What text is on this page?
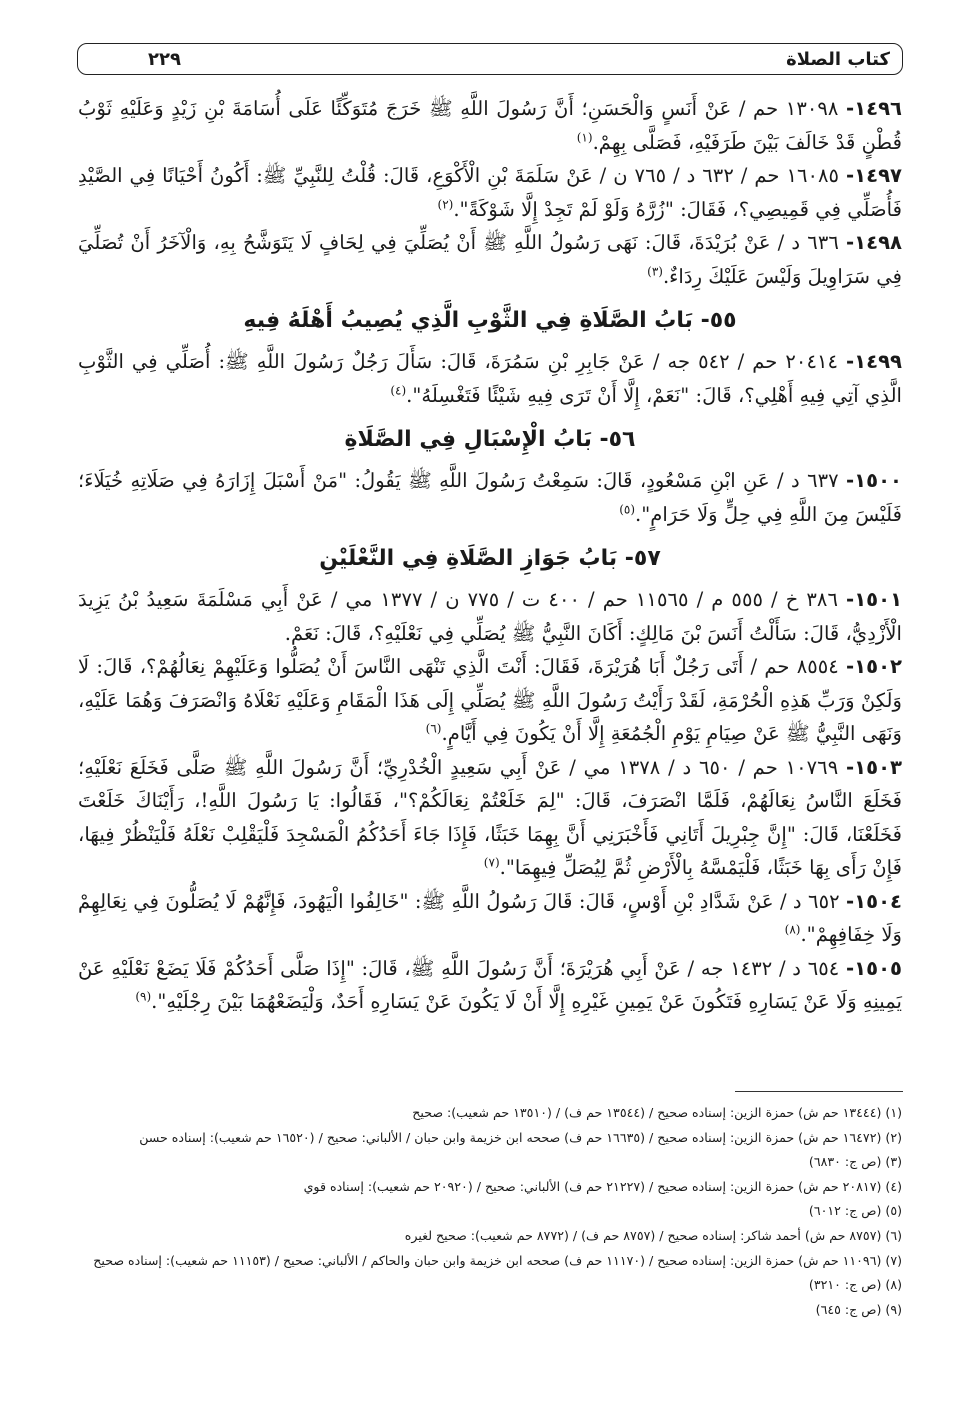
كتاب الصلاة
٢٢٩

١٤٩٦- ١٣٠٩٨ حم / عَنْ أَنَسٍ وَالْحَسَنِ؛ أَنَّ رَسُولَ اللَّهِ ﷺ خَرَجَ مُتَوَكِّئًا عَلَى أُسَامَةَ بْنِ زَيْدٍ وَعَلَيْهِ ثَوْبُ قُطْنٍ قَدْ خَالَفَ بَيْنَ طَرَفَيْهِ، فَصَلَّى بِهِمْ.$^{(١)}$

١٤٩٧- ١٦٠٨٥ حم / ٦٣٢ د / ٧٦٥ ن / عَنْ سَلَمَةَ بْنِ الْأَكْوَعِ، قَالَ: قُلْتُ لِلنَّبِيِّ ﷺ: أَكُونُ أَحْيَانًا فِي الصَّيْدِ فَأُصَلِّي فِي قَمِيصِي؟، فَقَالَ: "زُرَّهُ وَلَوْ لَمْ تَجِدْ إِلَّا شَوْكَةً".$^{(٢)}$

١٤٩٨- ٦٣٦ د / عَنْ بُرَيْدَةَ، قَالَ: نَهَى رَسُولُ اللَّهِ ﷺ أَنْ يُصَلِّيَ فِي لِحَافٍ لَا يَتَوَشَّحُ بِهِ، وَالْآخَرُ أَنْ تُصَلِّيَ فِي سَرَاوِيلَ وَلَيْسَ عَلَيْكَ رِدَاءٌ.$^{(٣)}$

٥٥- بَابُ الصَّلَاةِ فِي الثَّوْبِ الَّذِي يُصِيبُ أَهْلَهُ فِيهِ

١٤٩٩- ٢٠٤١٤ حم / ٥٤٢ جه / عَنْ جَابِرِ بْنِ سَمُرَةَ، قَالَ: سَأَلَ رَجُلٌ رَسُولَ اللَّهِ ﷺ: أُصَلِّي فِي الثَّوْبِ الَّذِي آتِي فِيهِ أَهْلِي؟، قَالَ: "نَعَمْ، إِلَّا أَنْ تَرَى فِيهِ شَيْئًا فَتَغْسِلَهُ".$^{(٤)}$

٥٦- بَابُ الْإِسْبَالِ فِي الصَّلَاةِ

١٥٠٠- ٦٣٧ د / عَنِ ابْنِ مَسْعُودٍ، قَالَ: سَمِعْتُ رَسُولَ اللَّهِ ﷺ يَقُولُ: "مَنْ أَسْبَلَ إِزَارَهُ فِي صَلَاتِهِ خُيَلَاءَ؛ فَلَيْسَ مِنَ اللَّهِ فِي حِلٍّ وَلَا حَرَامٍ".$^{(٥)}$

٥٧- بَابُ جَوَازِ الصَّلَاةِ فِي النَّعْلَيْنِ

١٥٠١- ٣٨٦ خ / ٥٥٥ م / ١١٥٦٥ حم / ٤٠٠ ت / ٧٧٥ ن / ١٣٧٧ مي / عَنْ أَبِي مَسْلَمَةَ سَعِيدُ بْنُ يَزِيدَ الْأَزْدِيُّ، قَالَ: سَأَلْتُ أَنَسَ بْنَ مَالِكٍ: أَكَانَ النَّبِيُّ ﷺ يُصَلِّي فِي نَعْلَيْهِ؟، قَالَ: نَعَمْ.

١٥٠٢- ٨٥٥٤ حم / أَتَى رَجُلٌ أَبَا هُرَيْرَةَ، فَقَالَ: أَنْتَ الَّذِي تَنْهَى النَّاسَ أَنْ يُصَلُّوا وَعَلَيْهِمْ نِعَالُهُمْ؟، قَالَ: لَا وَلَكِنْ وَرَبِّ هَذِهِ الْحُرْمَةِ، لَقَدْ رَأَيْتُ رَسُولَ اللَّهِ ﷺ يُصَلِّي إِلَى هَذَا الْمَقَامِ وَعَلَيْهِ نَعْلَاهُ وَانْصَرَفَ وَهُمَا عَلَيْهِ، وَنَهَى النَّبِيُّ ﷺ عَنْ صِيَامِ يَوْمِ الْجُمُعَةِ إِلَّا أَنْ يَكُونَ فِي أَيَّامٍ.$^{(٦)}$

١٥٠٣- ١٠٧٦٩ حم / ٦٥٠ د / ١٣٧٨ مي / عَنْ أَبِي سَعِيدٍ الْخُدْرِيِّ؛ أَنَّ رَسُولَ اللَّهِ ﷺ صَلَّى فَخَلَعَ نَعْلَيْهِ؛ فَخَلَعَ النَّاسُ نِعَالَهُمْ، فَلَمَّا انْصَرَفَ، قَالَ: "لِمَ خَلَعْتُمْ نِعَالَكُمْ؟"، فَقَالُوا: يَا رَسُولَ اللَّهِ!، رَأَيْنَاكَ خَلَعْتَ فَخَلَعْنَا، قَالَ: "إِنَّ جِبْرِيلَ أَتَانِي فَأَخْبَرَنِي أَنَّ بِهِمَا خَبَثًا، فَإِذَا جَاءَ أَحَدُكُمُ الْمَسْجِدَ فَلْيَقْلِبْ نَعْلَهُ فَلْيَنْظُرْ فِيهَا، فَإِنْ رَأَى بِهَا خَبَثًا، فَلْيَمْسَّهُ بِالْأَرْضِ ثُمَّ لِيُصَلِّ فِيهِمَا".$^{(٧)}$

١٥٠٤- ٦٥٢ د / عَنْ شَدَّادِ بْنِ أَوْسٍ، قَالَ: قَالَ رَسُولُ اللَّهِ ﷺ: "خَالِفُوا الْيَهُودَ، فَإِنَّهُمْ لَا يُصَلُّونَ فِي نِعَالِهِمْ وَلَا خِفَافِهِمْ".$^{(٨)}$

١٥٠٥- ٦٥٤ د / ١٤٣٢ جه / عَنْ أَبِي هُرَيْرَةَ؛ أَنَّ رَسُولَ اللَّهِ ﷺ، قَالَ: "إِذَا صَلَّى أَحَدُكُمْ فَلَا يَضَعْ نَعْلَيْهِ عَنْ يَمِينِهِ وَلَا عَنْ يَسَارِهِ فَتَكُونَ عَنْ يَمِينِ غَيْرِهِ إِلَّا أَنْ لَا يَكُونَ عَنْ يَسَارِهِ أَحَدٌ، وَلْيَضَعْهُمَا بَيْنَ رِجْلَيْهِ".$^{(٩)}$

(١) (١٣٤٤٤ حم ش) حمزة الزين: إسناده صحيح / (١٣٥٤٤ حم ف) / (١٣٥١٠ حم شعيب): صحيح

(٢) (١٦٤٧٢ حم ش) حمزة الزين: إسناده صحيح / (١٦٦٣٥ حم ف) صححه ابن خزيمة وابن حبان / الألباني: صحيح / (١٦٥٢٠ حم شعيب): إسناده حسن

(٣) (ص ج: ٦٨٣٠)

(٤) (٢٠٨١٧ حم ش) حمزة الزين: إسناده صحيح / (٢١٢٢٧ حم ف) الألباني: صحيح / (٢٠٩٢٠ حم شعيب): إسناده قوي

(٥) (ص ج: ٦٠١٢)

(٦) (٨٧٥٧ حم ش) أحمد شاكر: إسناده صحيح / (٨٧٥٧ حم ف) / (٨٧٧٢ حم شعيب): صحيح لغيره

(٧) (١١٠٩٦ حم ش) حمزة الزين: إسناده صحيح / (١١١٧٠ حم ف) صححه ابن خزيمة وابن حبان والحاكم / الألباني: صحيح / (١١١٥٣ حم شعيب): إسناده صحيح

(٨) (ص ج: ٣٢١٠)

(٩) (ص ج: ٦٤٥)
